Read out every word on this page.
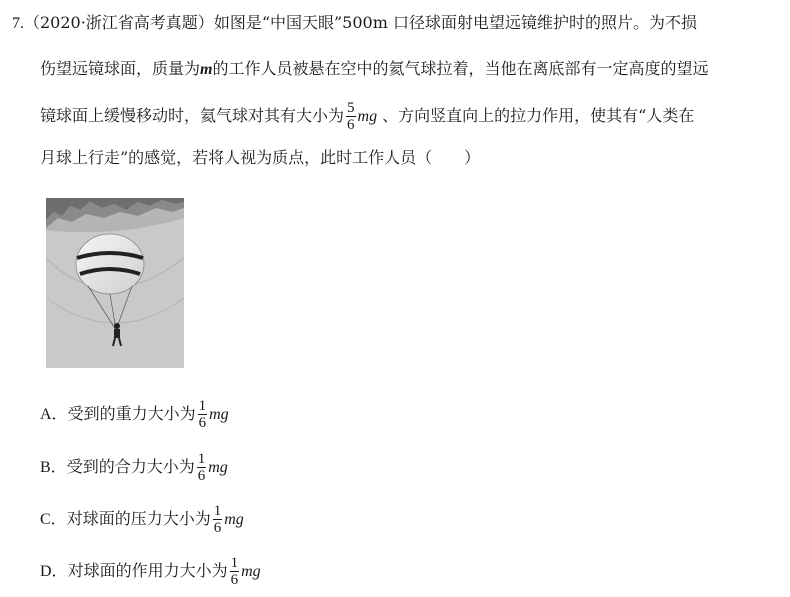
7.（2020·浙江省高考真题）如图是“中国天眼”500m 口径球面射电望远镜维护时的照片。为不损
伤望远镜球面，质量为m的工作人员被悬在空中的氦气球拉着，当他在离底部有一定高度的望远
镜球面上缓慢移动时，氦气球对其有大小为 $\frac{5}{6}$ mg 、方向竖直向上的拉力作用，使其有“人类在
月球上行走”的感觉，若将人视为质点，此时工作人员（　　）
A．受到的重力大小为 $\frac{1}{6}$ mg
B．受到的合力大小为 $\frac{1}{6}$ mg
C．对球面的压力大小为 $\frac{1}{6}$ mg
D．对球面的作用力大小为 $\frac{1}{6}$ mg
